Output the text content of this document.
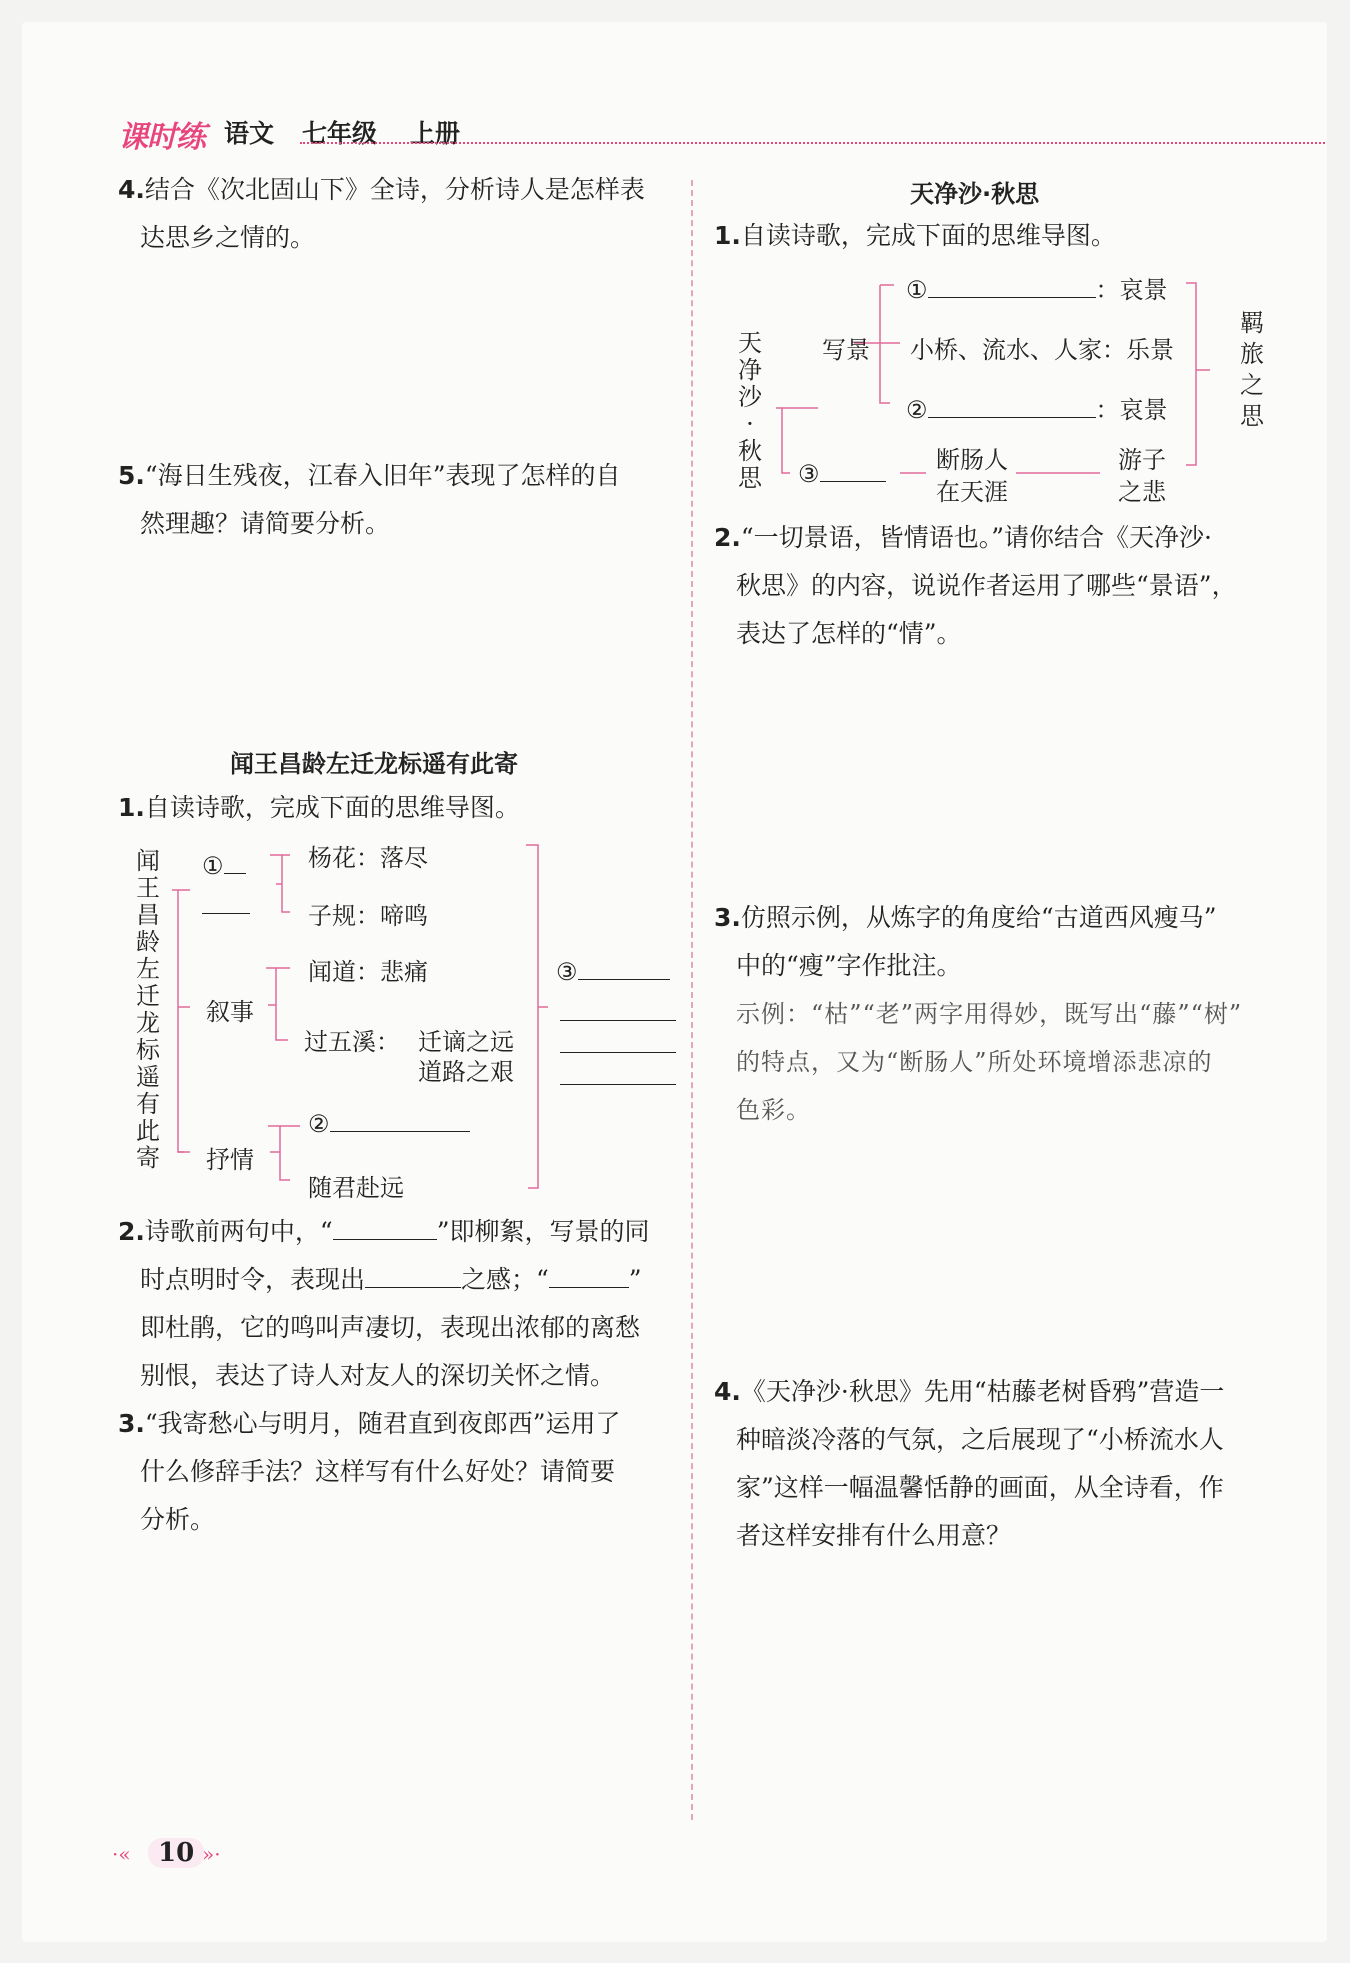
课时练 语文 七年级 上册
4.结合《次北固山下》全诗，分析诗人是怎样表
达思乡之情的。
5.“海日生残夜，江春入旧年”表现了怎样的自
然理趣？请简要分析。
闻王昌龄左迁龙标遥有此寄
1.自读诗歌，完成下面的思维导图。
闻王昌龄左迁龙标遥有此寄
①	杨花：落尽
子规：啼鸣
叙事
闻道：悲痛
过五溪： 迁谪之远
道路之艰
抒情
②
随君赴远
③
2.诗歌前两句中，“	”即柳絮，写景的同
时点明时令，表现出	之感；“	”
即杜鹃，它的鸣叫声凄切，表现出浓郁的离愁
别恨，表达了诗人对友人的深切关怀之情。
3.“我寄愁心与明月，随君直到夜郎西”运用了
什么修辞手法？这样写有什么好处？请简要
分析。
天净沙·秋思
1.自读诗歌，完成下面的思维导图。
天净沙·秋思
写景
①	：哀景
小桥、流水、人家：乐景
②	：哀景
③	断肠人
在天涯
游子
之悲
羁旅之思
2.“一切景语，皆情语也。”请你结合《天净沙·
秋思》的内容，说说作者运用了哪些“景语”，
表达了怎样的“情”。
3.仿照示例，从炼字的角度给“古道西风瘦马”
中的“瘦”字作批注。
示例：“枯”“老”两字用得妙，既写出“藤”“树”
的特点，又为“断肠人”所处环境增添悲凉的
色彩。
4.《天净沙·秋思》先用“枯藤老树昏鸦”营造一
种暗淡冷落的气氛，之后展现了“小桥流水人
家”这样一幅温馨恬静的画面，从全诗看，作
者这样安排有什么用意？
·«	10 »·
